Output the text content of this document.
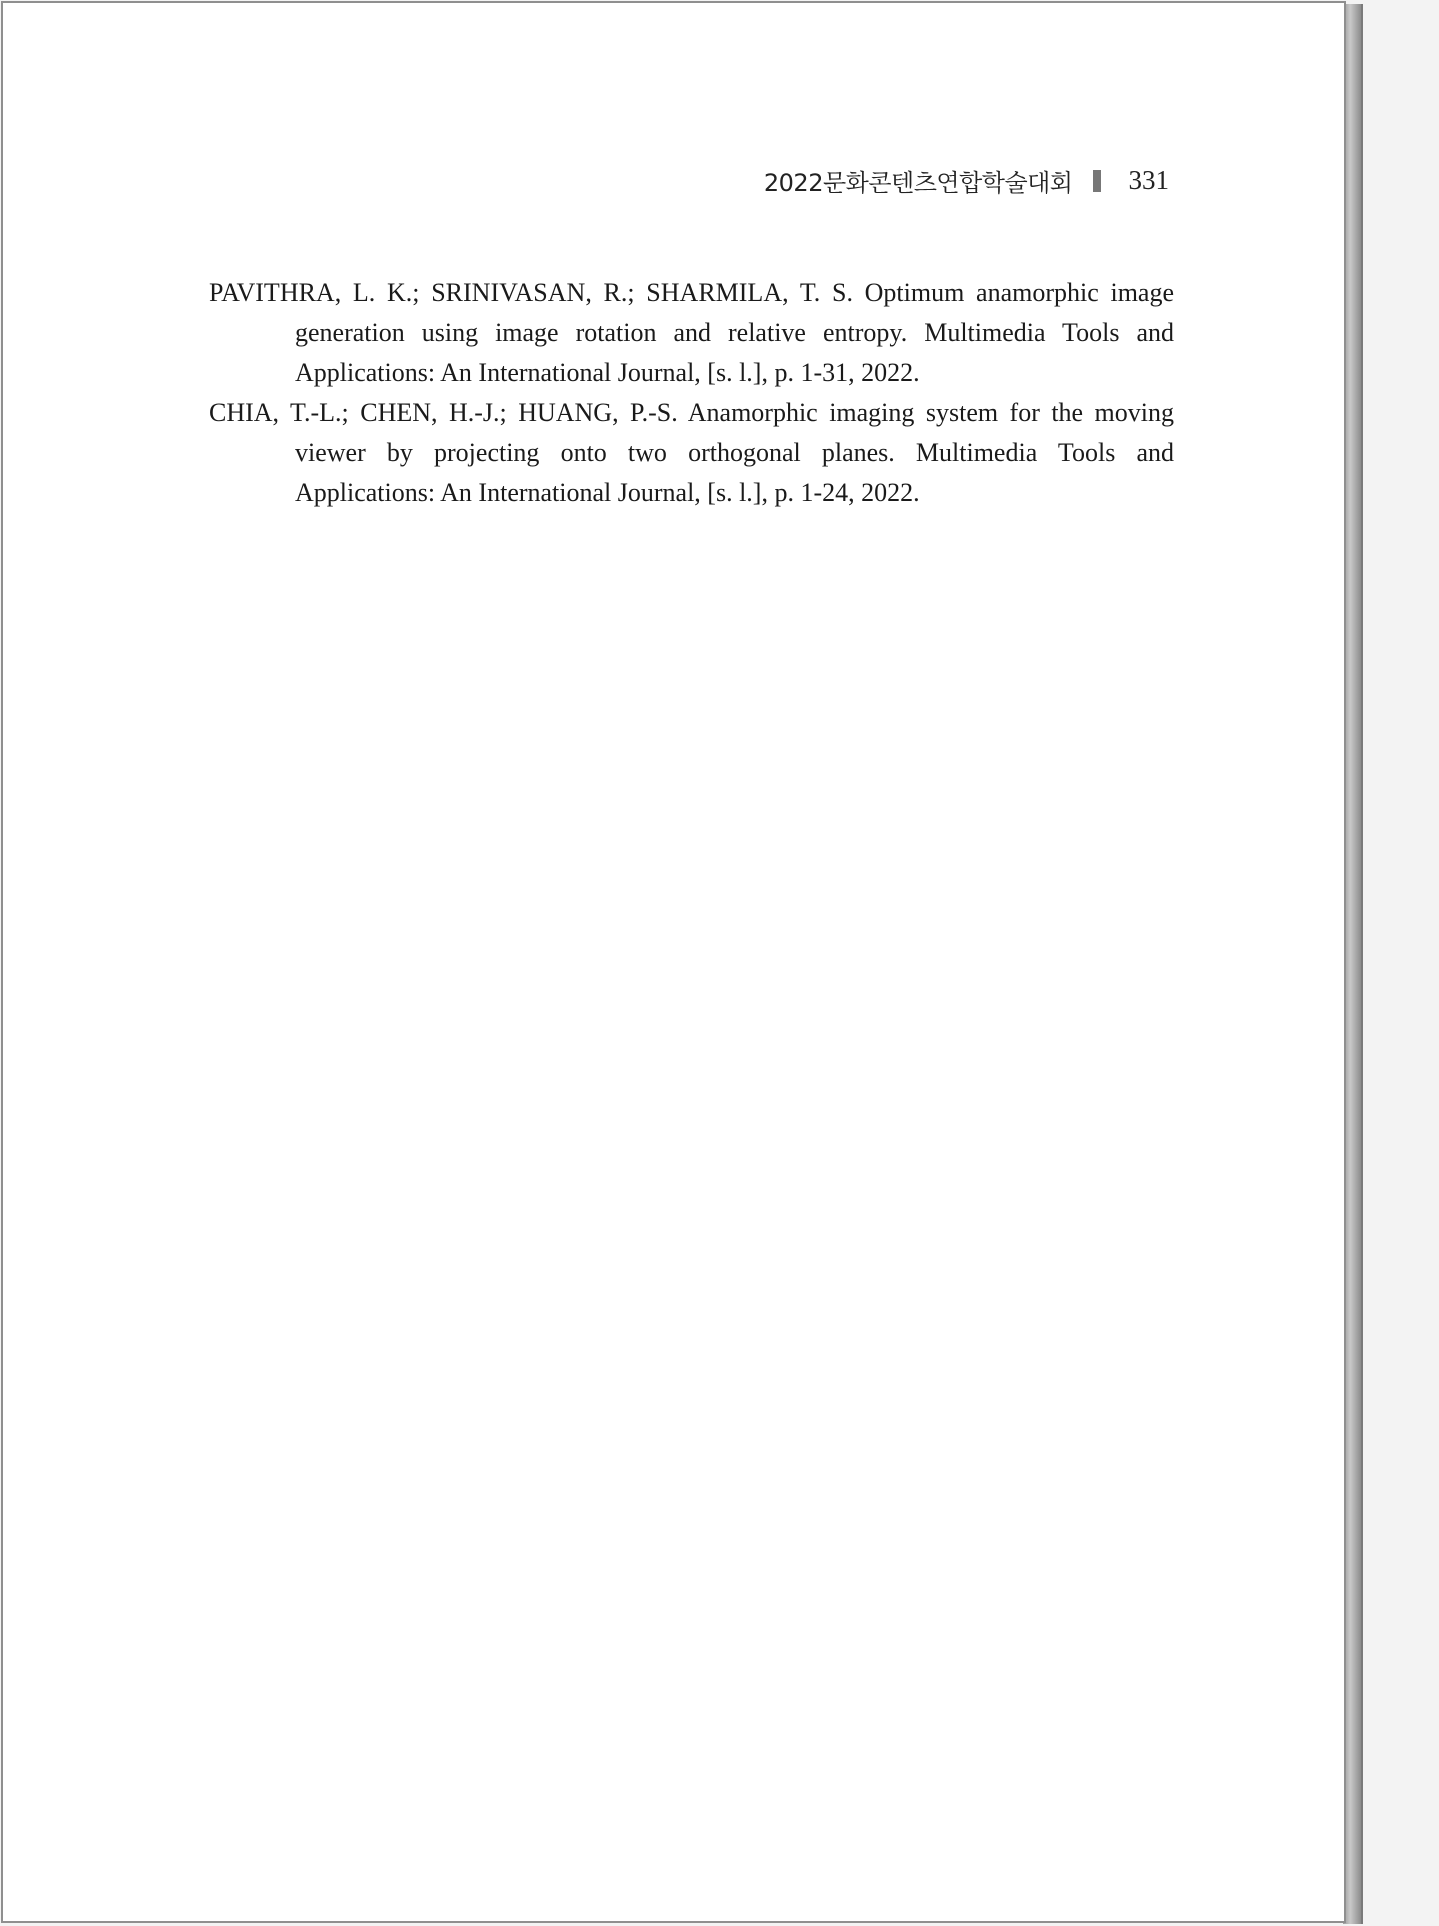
2022문화콘텐츠연합학술대회 331

PAVITHRA, L. K.; SRINIVASAN, R.; SHARMILA, T. S. Optimum anamorphic image generation using image rotation and relative entropy. Multimedia Tools and Applications: An International Journal, [s. l.], p. 1-31, 2022.

CHIA, T.-L.; CHEN, H.-J.; HUANG, P.-S. Anamorphic imaging system for the moving viewer by projecting onto two orthogonal planes. Multimedia Tools and Applications: An International Journal, [s. l.], p. 1-24, 2022.
